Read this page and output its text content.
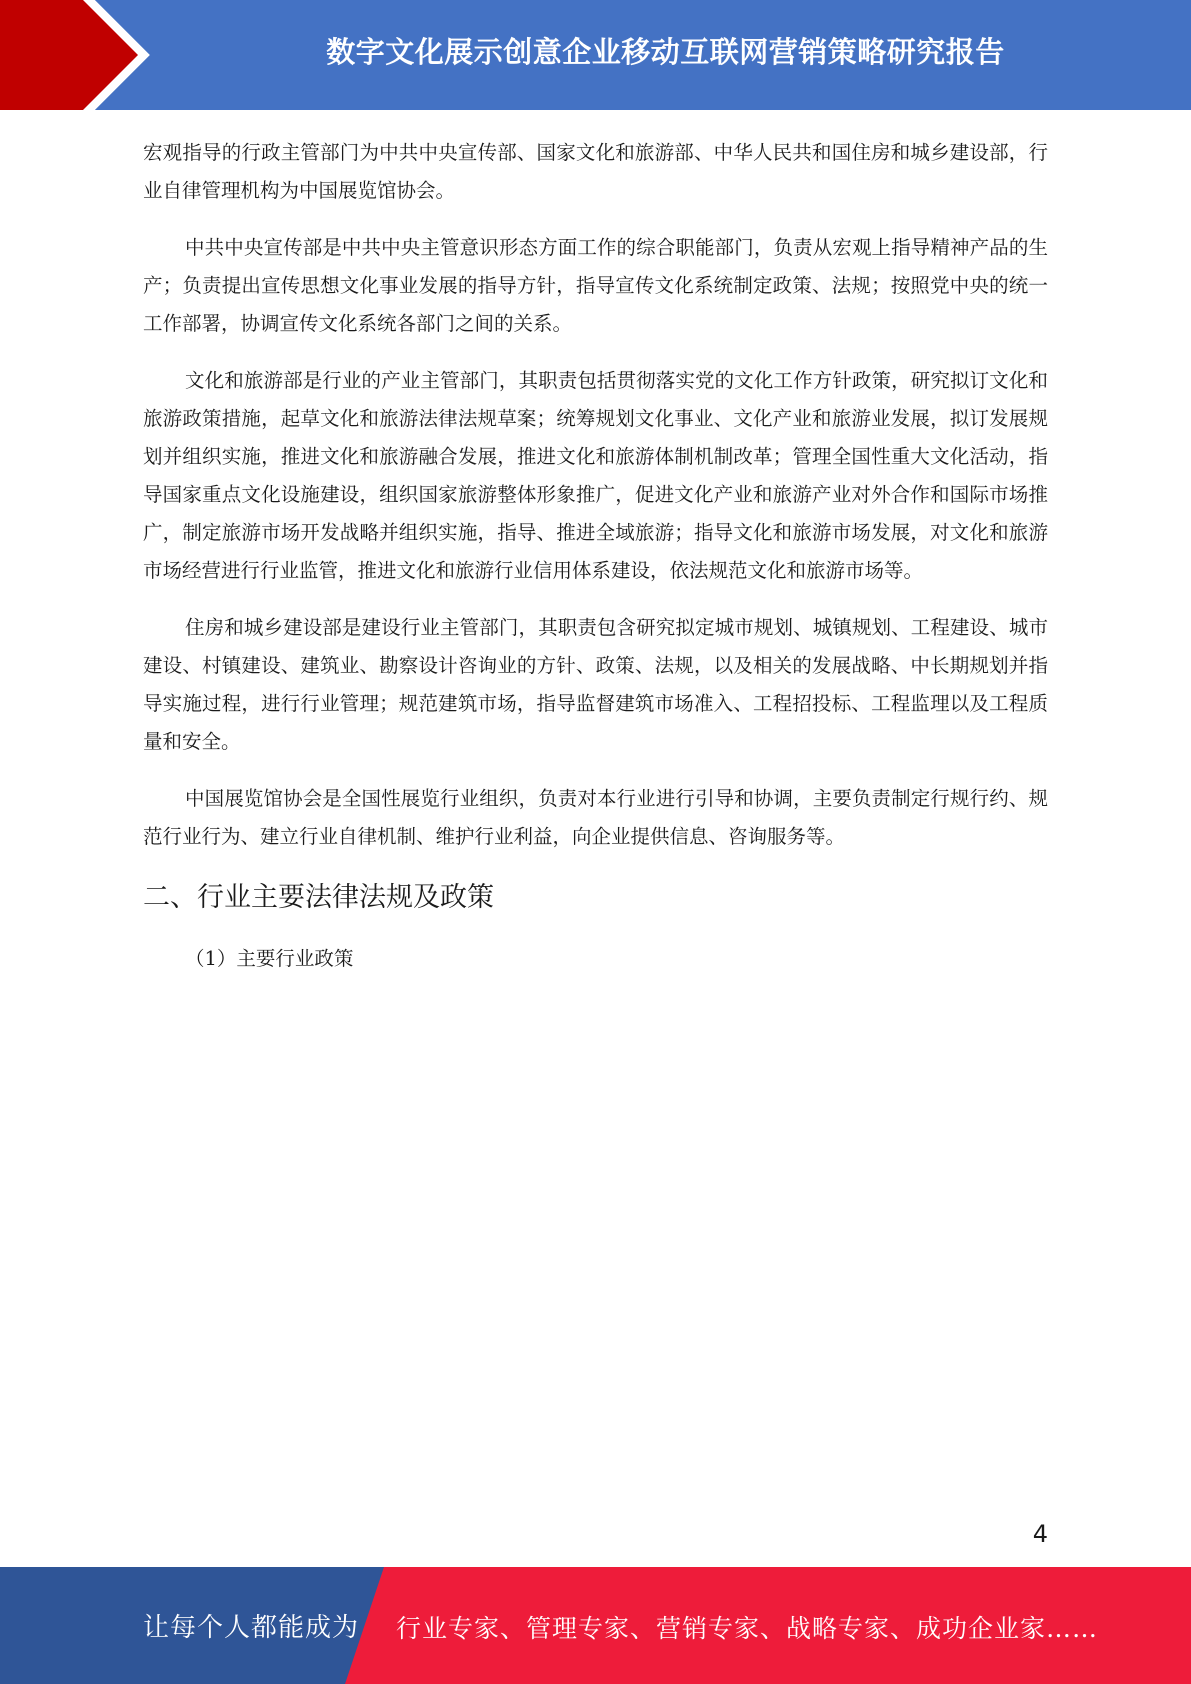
数字文化展示创意企业移动互联网营销策略研究报告

宏观指导的行政主管部门为中共中央宣传部、国家文化和旅游部、中华人民共和国住房和城乡建设部，行业自律管理机构为中国展览馆协会。

中共中央宣传部是中共中央主管意识形态方面工作的综合职能部门，负责从宏观上指导精神产品的生产；负责提出宣传思想文化事业发展的指导方针，指导宣传文化系统制定政策、法规；按照党中央的统一工作部署，协调宣传文化系统各部门之间的关系。

文化和旅游部是行业的产业主管部门，其职责包括贯彻落实党的文化工作方针政策，研究拟订文化和旅游政策措施，起草文化和旅游法律法规草案；统筹规划文化事业、文化产业和旅游业发展，拟订发展规划并组织实施，推进文化和旅游融合发展，推进文化和旅游体制机制改革；管理全国性重大文化活动，指导国家重点文化设施建设，组织国家旅游整体形象推广，促进文化产业和旅游产业对外合作和国际市场推广，制定旅游市场开发战略并组织实施，指导、推进全域旅游；指导文化和旅游市场发展，对文化和旅游市场经营进行行业监管，推进文化和旅游行业信用体系建设，依法规范文化和旅游市场等。

住房和城乡建设部是建设行业主管部门，其职责包含研究拟定城市规划、城镇规划、工程建设、城市建设、村镇建设、建筑业、勘察设计咨询业的方针、政策、法规，以及相关的发展战略、中长期规划并指导实施过程，进行行业管理；规范建筑市场，指导监督建筑市场准入、工程招投标、工程监理以及工程质量和安全。

中国展览馆协会是全国性展览行业组织，负责对本行业进行引导和协调，主要负责制定行规行约、规范行业行为、建立行业自律机制、维护行业利益，向企业提供信息、咨询服务等。

二、行业主要法律法规及政策

（1）主要行业政策

4
让每个人都能成为 行业专家、管理专家、营销专家、战略专家、成功企业家……
